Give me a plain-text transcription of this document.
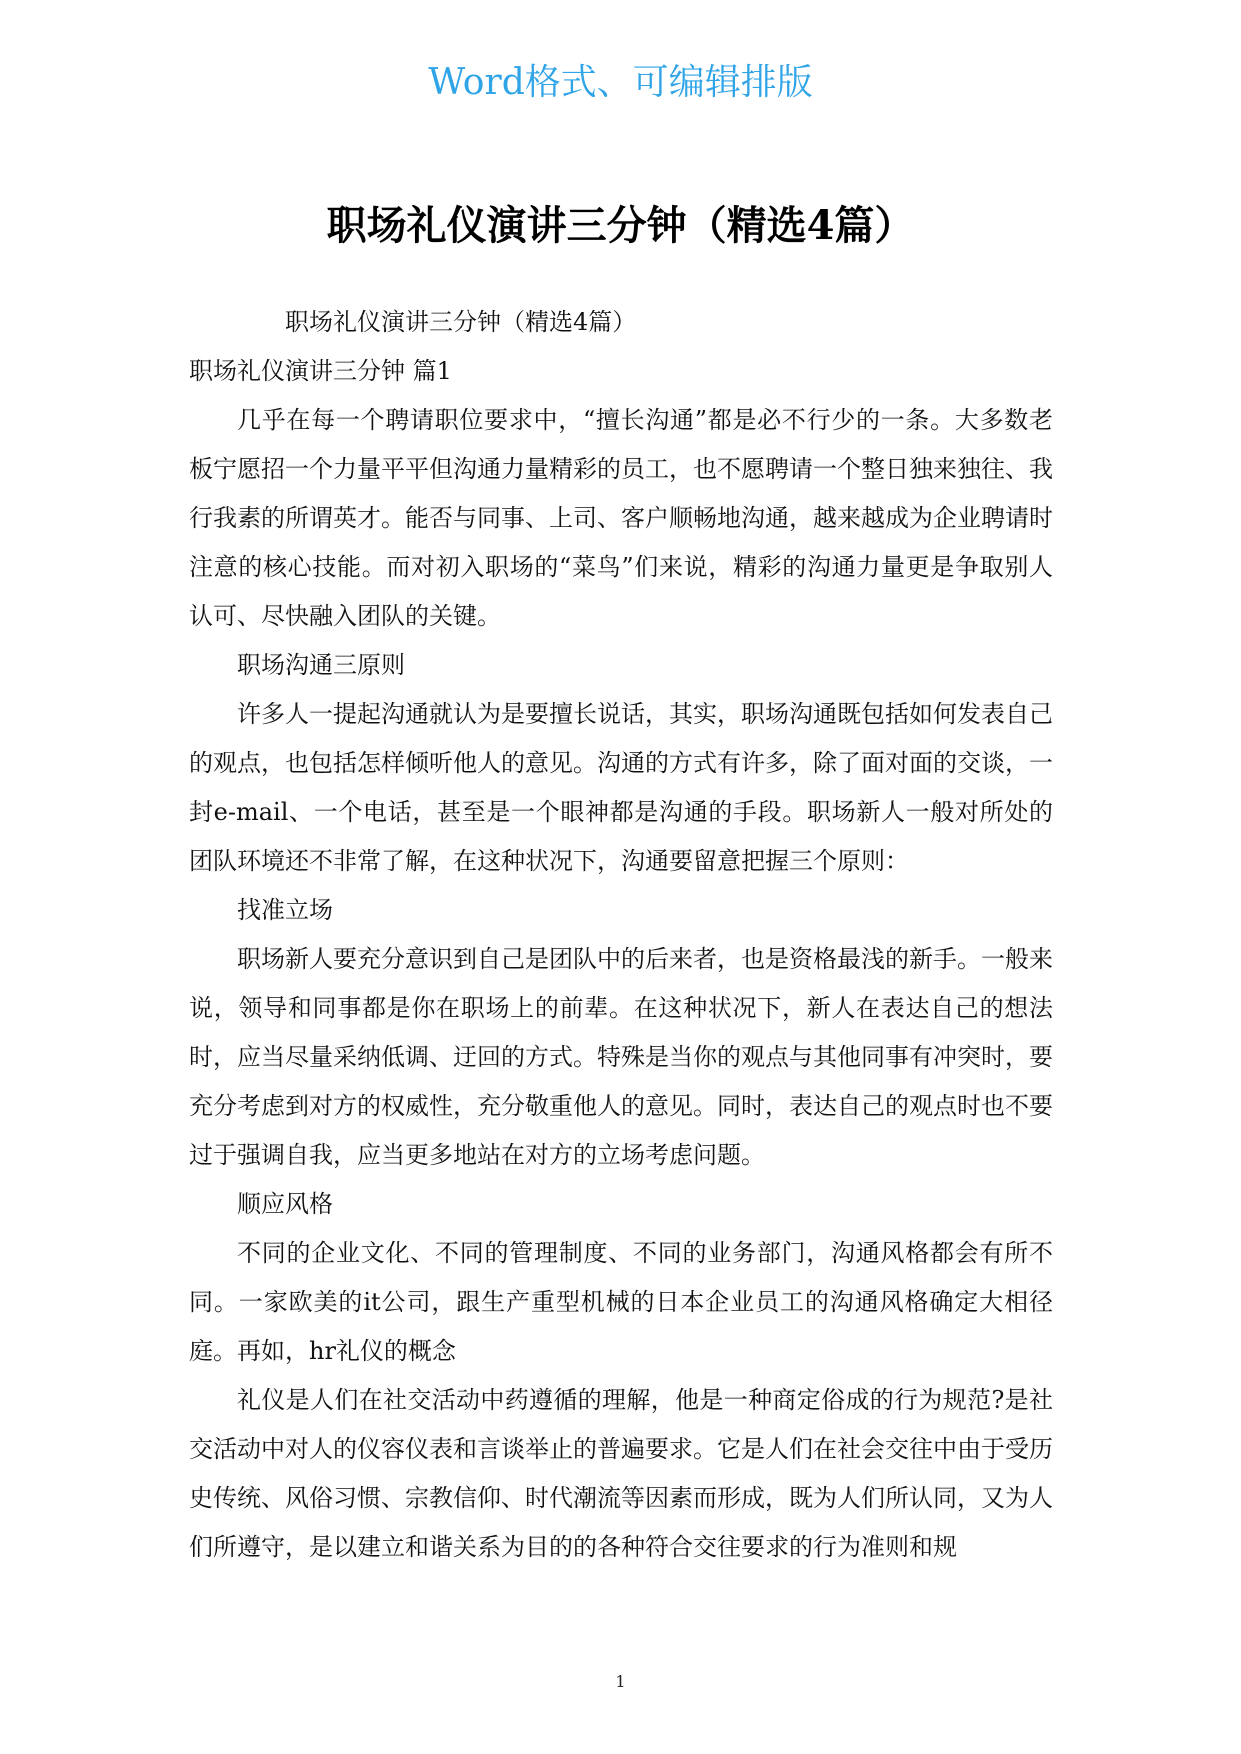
Word格式、可编辑排版
职场礼仪演讲三分钟（精选4篇）

职场礼仪演讲三分钟（精选4篇）

职场礼仪演讲三分钟 篇1

几乎在每一个聘请职位要求中，“擅长沟通”都是必不行少的一条。大多数老板宁愿招一个力量平平但沟通力量精彩的员工，也不愿聘请一个整日独来独往、我行我素的所谓英才。能否与同事、上司、客户顺畅地沟通，越来越成为企业聘请时注意的核心技能。而对初入职场的“菜鸟”们来说，精彩的沟通力量更是争取别人认可、尽快融入团队的关键。

职场沟通三原则

许多人一提起沟通就认为是要擅长说话，其实，职场沟通既包括如何发表自己的观点，也包括怎样倾听他人的意见。沟通的方式有许多，除了面对面的交谈，一封e-mail、一个电话，甚至是一个眼神都是沟通的手段。职场新人一般对所处的团队环境还不非常了解，在这种状况下，沟通要留意把握三个原则：

找准立场

职场新人要充分意识到自己是团队中的后来者，也是资格最浅的新手。一般来说，领导和同事都是你在职场上的前辈。在这种状况下，新人在表达自己的想法时，应当尽量采纳低调、迂回的方式。特殊是当你的观点与其他同事有冲突时，要充分考虑到对方的权威性，充分敬重他人的意见。同时，表达自己的观点时也不要过于强调自我，应当更多地站在对方的立场考虑问题。

顺应风格

不同的企业文化、不同的管理制度、不同的业务部门，沟通风格都会有所不同。一家欧美的it公司，跟生产重型机械的日本企业员工的沟通风格确定大相径庭。再如，hr礼仪的概念

礼仪是人们在社交活动中药遵循的理解，他是一种商定俗成的行为规范?是社交活动中对人的仪容仪表和言谈举止的普遍要求。它是人们在社会交往中由于受历史传统、风俗习惯、宗教信仰、时代潮流等因素而形成，既为人们所认同，又为人们所遵守，是以建立和谐关系为目的的各种符合交往要求的行为准则和规

1
